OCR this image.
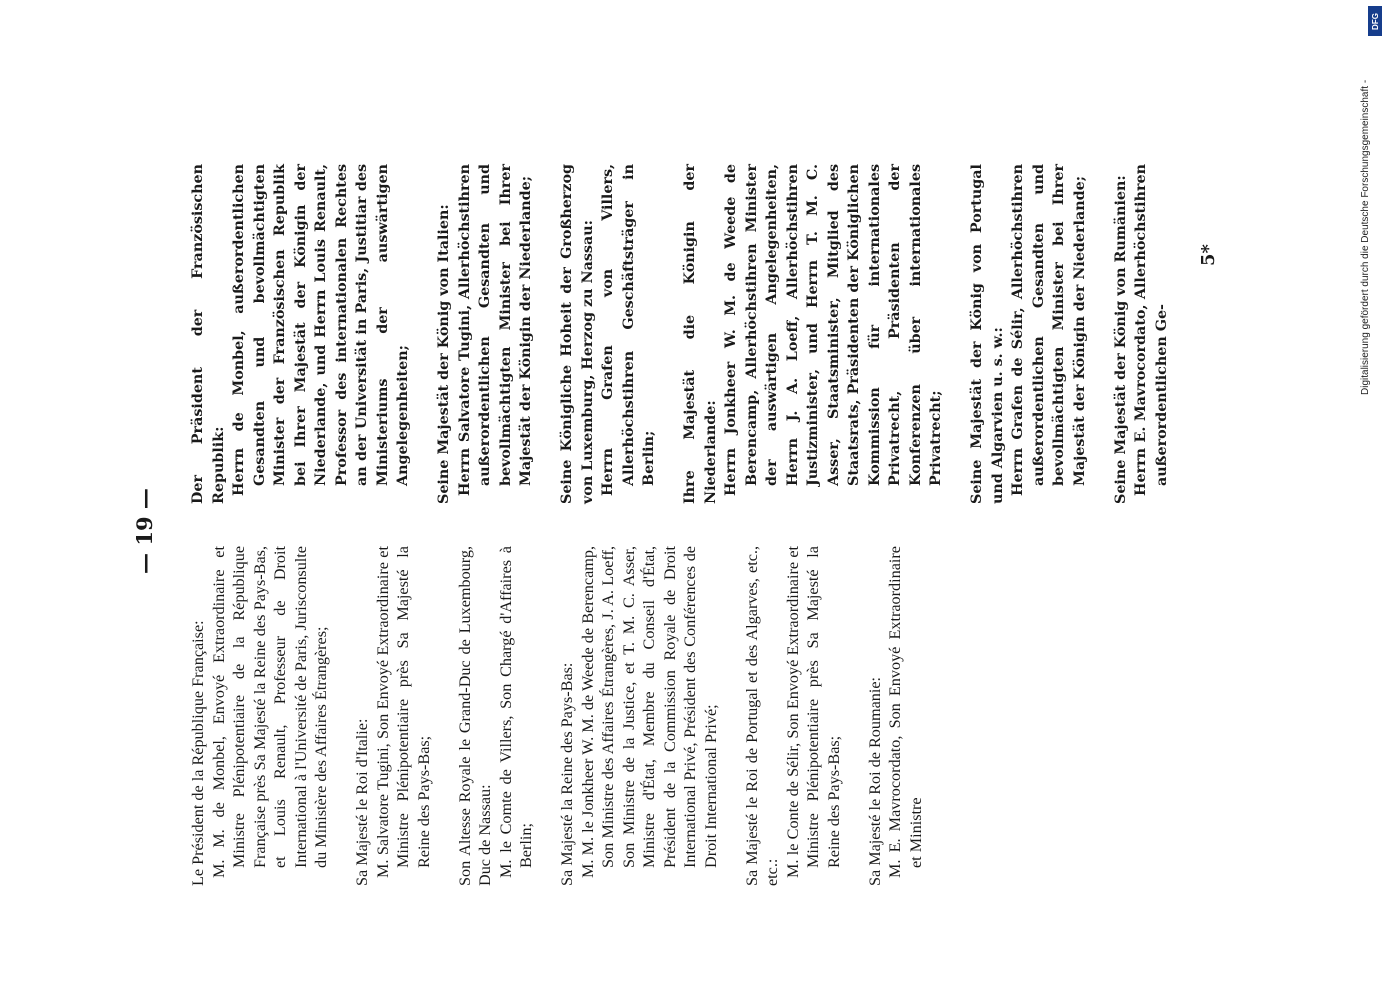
— 19 —
Le Président de la République Française: M. M. de Monbel, Envoyé Extraordinaire et Ministre Plénipotentiaire de la République Française près Sa Majesté la Reine des Pays-Bas, et Louis Renault, Professeur de Droit International à l'Université de Paris, Jurisconsulte du Ministère des Affaires Étrangères; Sa Majesté le Roi d'Italie: M. Salvatore Tugini, Son Envoyé Extraordinaire et Ministre Plénipotentiaire près Sa Majesté la Reine des Pays-Bas; Son Altesse Royale le Grand-Duc de Luxembourg, Duc de Nassau: M. le Comte de Villers, Son Chargé d'Affaires à Berlin; Sa Majesté la Reine des Pays-Bas: M. M. le Jonkheer W. M. de Weede de Berencamp, Son Ministre des Affaires Étrangères, J. A. Loeff, Son Ministre de la Justice, et T. M. C. Asser, Ministre d'État, Membre du Conseil d'État, Président de la Commission Royale de Droit International Privé, Président des Conférences de Droit International Privé; Sa Majesté le Roi de Portugal et des Algarves, etc., etc.: M. le Conte de Sélir, Son Envoyé Extraordinaire et Ministre Plénipotentiaire près Sa Majesté la Reine des Pays-Bas; Sa Majesté le Roi de Roumanie: M. E. Mavrocordato, Son Envoyé Extraordinaire et Ministre
Der Präsident der Französischen Republik: Herrn de Monbel, außerordentlichen Gesandten und bevollmächtigten Minister der Französischen Republik bei Ihrer Majestät der Königin der Niederlande, und Herrn Louis Renault, Professor des internationalen Rechtes an der Universität in Paris, Justitiar des Ministeriums der auswärtigen Angelegenheiten; Seine Majestät der König von Italien: Herrn Salvatore Tugini, Allerhöchstihren außerordentlichen Gesandten und bevollmächtigten Minister bei Ihrer Majestät der Königin der Niederlande; Seine Königliche Hoheit der Großherzog von Luxemburg, Herzog zu Nassau: Herrn Grafen von Villers, Allerhöchstihren Geschäftsträger in Berlin; Ihre Majestät die Königin der Niederlande: Herrn Jonkheer W. M. de Weede de Berencamp, Allerhöchstihren Minister der auswärtigen Angelegenheiten, Herrn J. A. Loeff, Allerhöchstihren Justizminister, und Herrn T. M. C. Asser, Staatsminister, Mitglied des Staatsrats, Präsidenten der Königlichen Kommission für internationales Privatrecht, Präsidenten der Konferenzen über internationales Privatrecht; Seine Majestät der König von Portugal und Algarvien u. s. w.: Herrn Grafen de Sélir, Allerhöchstihren außerordentlichen Gesandten und bevollmächtigten Minister bei Ihrer Majestät der Königin der Niederlande; Seine Majestät der König von Rumänien: Herrn E. Mavrocordato, Allerhöchstihren außerordentlichen Ge-
5*	Digitalisierung gefördert durch die Deutsche Forschungsgemeinschaft -
DFG
